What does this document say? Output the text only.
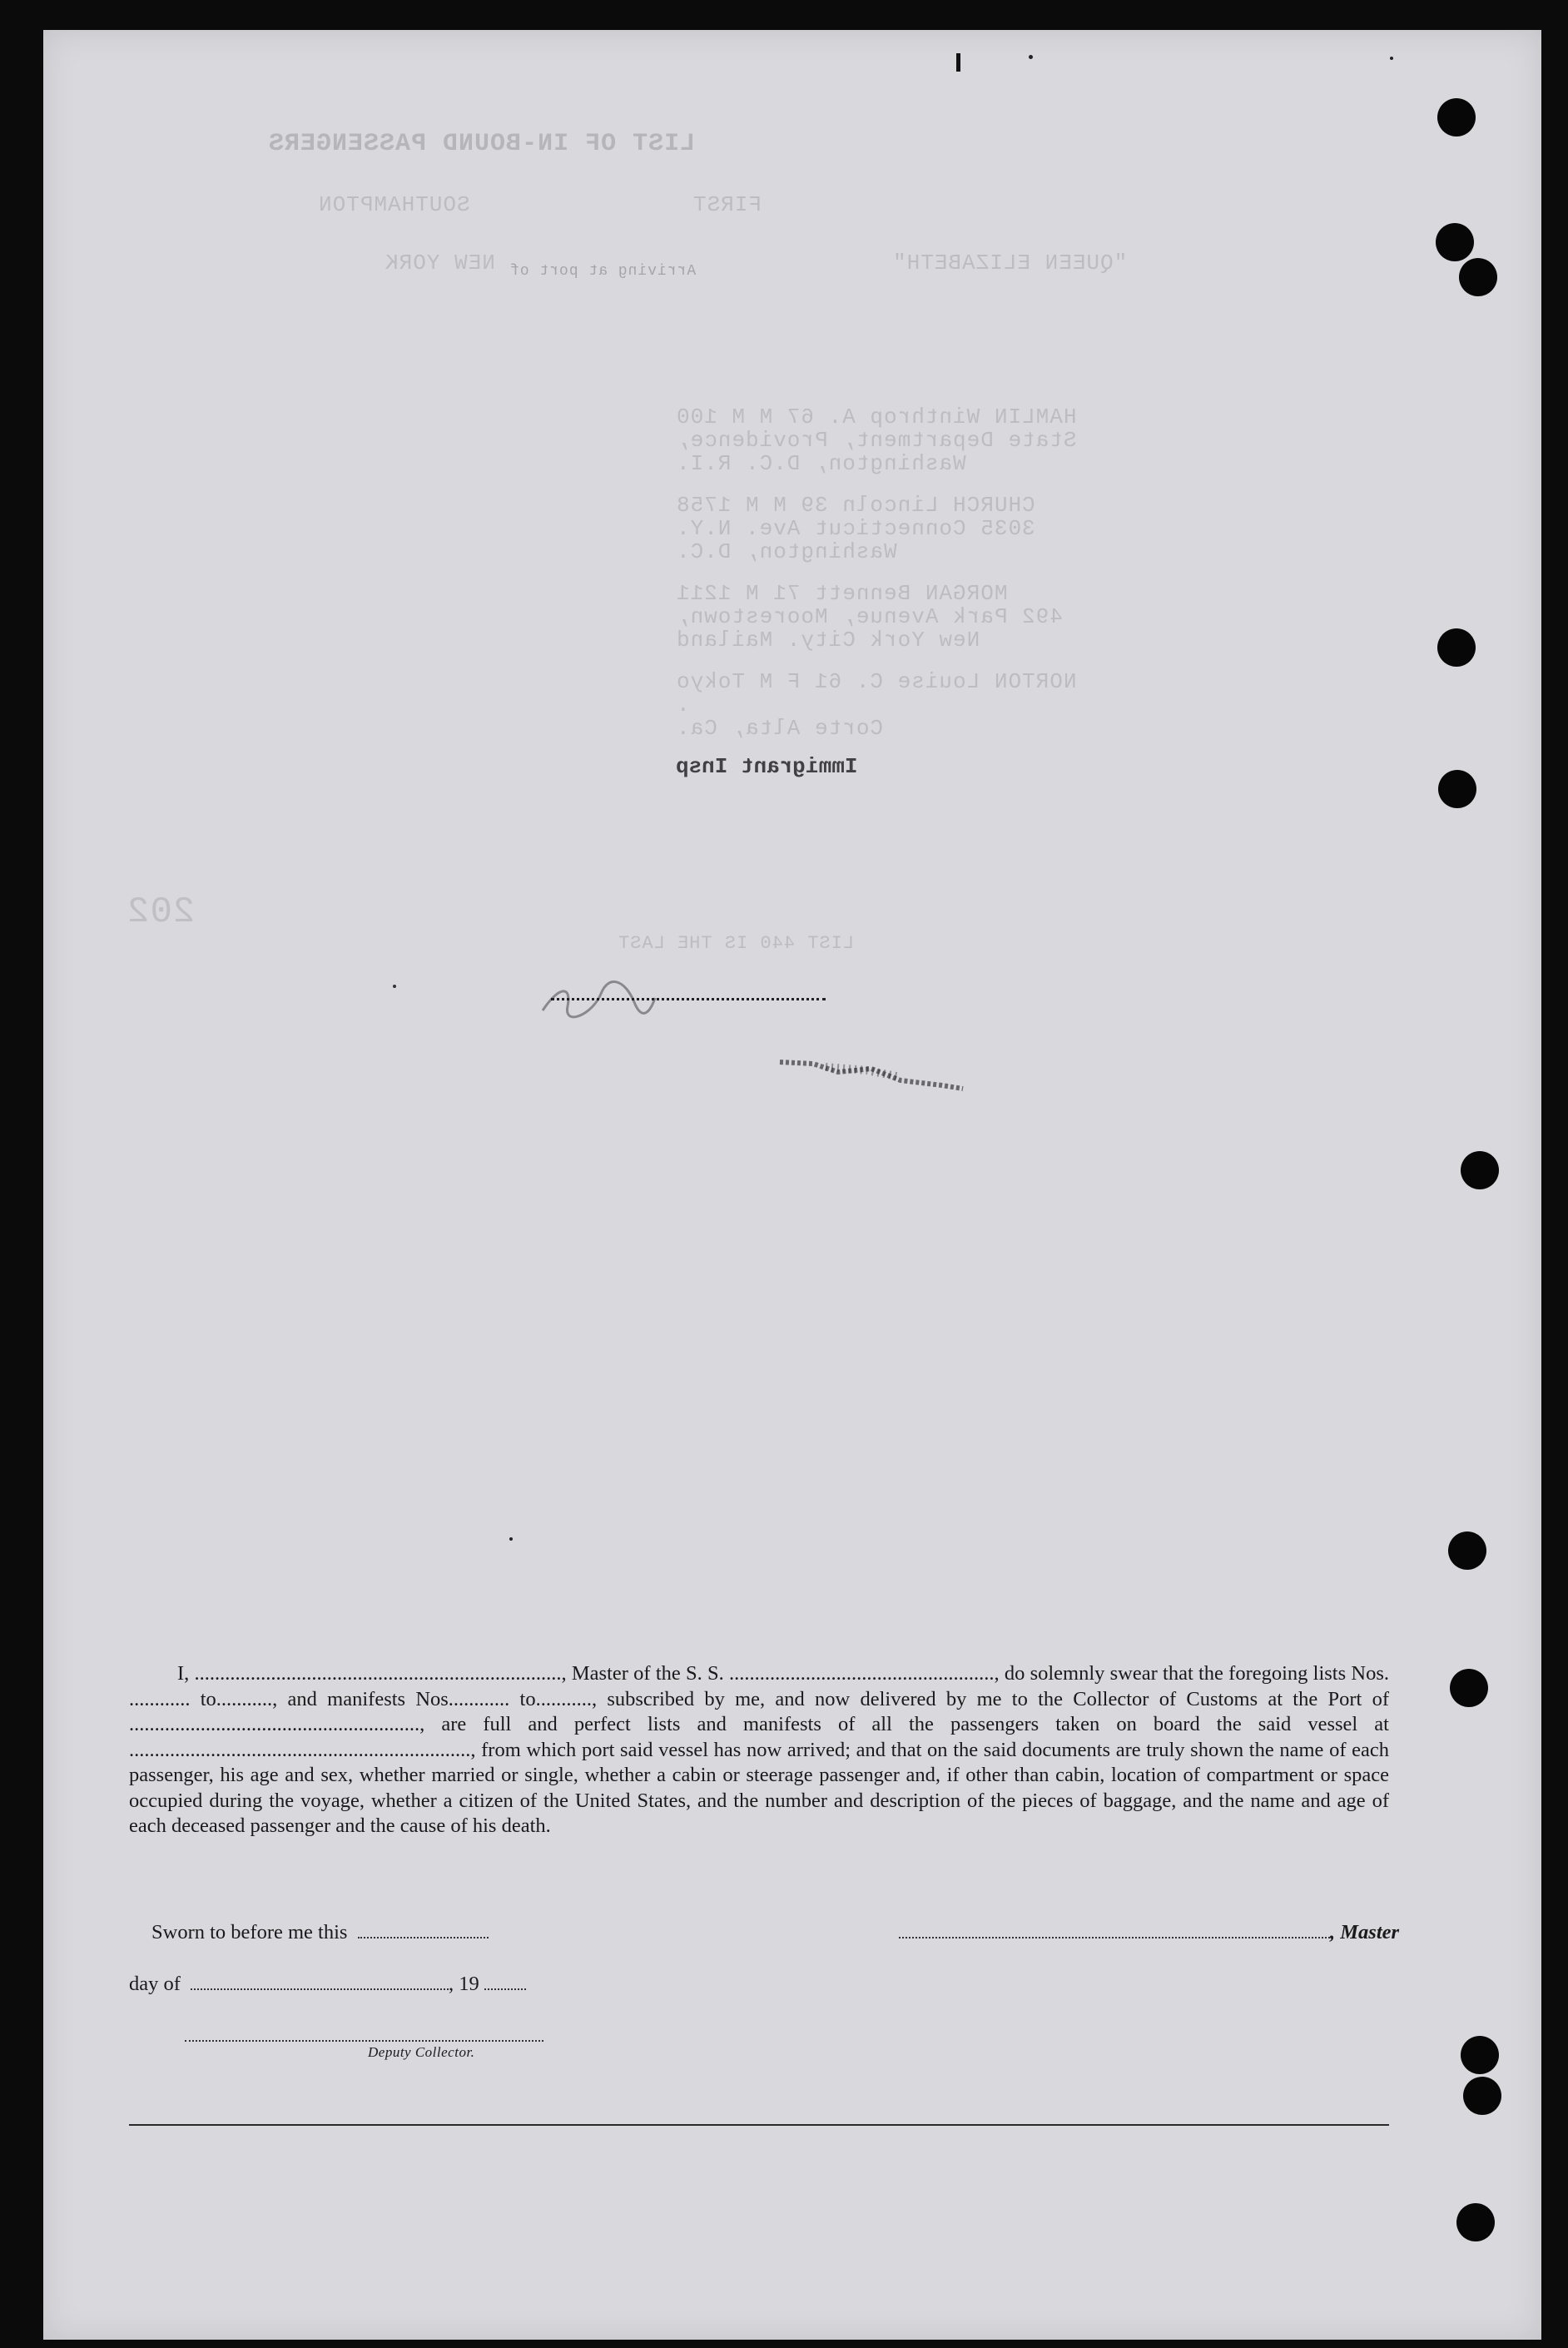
LIST OF IN-BOUND PASSENGERS
SOUTHAMPTON	FIRST
NEW YORK Arriving at port of	"QUEEN ELIZABETH"
HAMLIN Winthrop A. 67 M M 100
State Department, Providence,
Washington, D.C. R.I.
CHURCH Lincoln 39 M M 1758
3035 Connecticut Ave. N.Y.
Washington, D.C.
MORGAN Bennett 71 M 1211
492 Park Avenue, Moorestown,
New York City. Mailand
NORTON Louise C. 61 F M Tokyo
.
Corte Alta, Ca.
Immigrant Insp
202
LIST 440 IS THE LAST

I, ........................................................................, Master of the S. S. ...................................................., do solemnly swear that the foregoing lists Nos. ............ to..........., and manifests Nos............ to..........., subscribed by me, and now delivered by me to the Collector of Customs at the Port of ........................................................., are full and perfect lists and manifests of all the passengers taken on board the said vessel at ..................................................................., from which port said vessel has now arrived; and that on the said documents are truly shown the name of each passenger, his age and sex, whether married or single, whether a cabin or steerage passenger and, if other than cabin, location of compartment or space occupied during the voyage, whether a citizen of the United States, and the number and description of the pieces of baggage, and the name and age of each deceased passenger and the cause of his death.

Sworn to before me this	, Master
day of	, 19
Deputy Collector.
